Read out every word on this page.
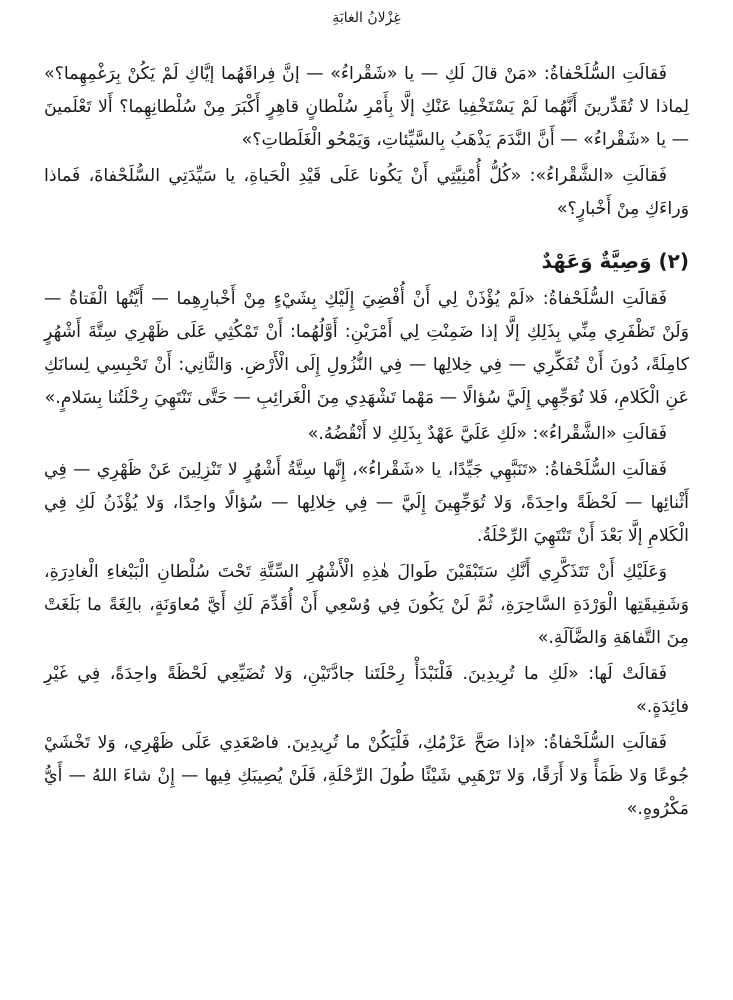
غِزْلانُ الغابَةِ

فَقالَتِ السُّلَحْفاةُ: «مَنْ قالَ لَكِ — يا «شَقْراءُ» — إنَّ فِراقَهُما إيَّاكِ لَمْ يَكُنْ بِرَغْمِهِما؟» لِماذا لا تُقَدِّرينَ أَنَّهُما لَمْ يَسْتَخْفِيا عَنْكِ إلَّا بِأَمْرِ سُلْطانٍ قاهِرٍ أَكْبَرَ مِنْ سُلْطانِهِما؟ أَلا تَعْلَمينَ — يا «شَقْراءُ» — أَنَّ النَّدَمَ يَذْهَبُ بِالسَّيِّئاتِ، وَيَمْحُو الْغَلَطاتِ؟»

فَقالَتِ «الشَّقْراءُ»: «كُلُّ أُمْنِيَّتِي أَنْ يَكُونا عَلَى قَيْدِ الْحَياةِ، يا سَيِّدَتِي السُّلَحْفاةَ، فَماذا وَراءَكِ مِنْ أَخْبارٍ؟»

(٢) وَصِيَّةٌ وَعَهْدٌ

فَقالَتِ السُّلَحْفاةُ: «لَمْ يُؤْذَنْ لِي أَنْ أُفْضِيَ إِلَيْكِ بِشَيْءٍ مِنْ أَخْبارِهِما — أَيَّتُها الْفَتاةُ — وَلَنْ تَظْفَرِي مِنِّي بِذَلِكِ إلَّا إذا ضَمِنْتِ لِي أَمْرَيْنِ: أَوَّلُهُما: أَنْ تَمْكُثِي عَلَى ظَهْرِي سِتَّةَ أَشْهُرٍ كامِلَةً، دُونَ أَنْ تُفَكِّرِي — فِي خِلالِها — فِي النُّزُولِ إِلَى الْأَرْضِ. وَالثَّانِي: أَنْ تَحْبِسِي لِسانَكِ عَنِ الْكَلامِ، فَلا تُوَجِّهِي إِلَيَّ سُؤالًا — مَهْما تَشْهَدِي مِنَ الْغَرائِبِ — حَتَّى تَنْتَهِيَ رِحْلَتُنا بِسَلامٍ.»

فَقالَتِ «الشَّقْراءُ»: «لَكِ عَلَيَّ عَهْدٌ بِذَلِكِ لا أَنْقُضُهُ.»

فَقالَتِ السُّلَحْفاةُ: «تَنَبَّهِي جَيِّدًا، يا «شَقْراءُ»، إِنَّها سِتَّةُ أَشْهُرٍ لا تَنْزِلِينَ عَنْ ظَهْرِي — فِي أَثْنائِها — لَحْظَةً واحِدَةً، وَلا تُوَجِّهِينَ إِلَيَّ — فِي خِلالِها — سُؤالًا واحِدًا، وَلا يُؤْذَنُ لَكِ فِي الْكَلامِ إلَّا بَعْدَ أَنْ تَنْتَهِيَ الرِّحْلَةُ.

وَعَلَيْكِ أَنْ تَتَذَكَّرِي أَنَّكِ سَتَبْقَيْنَ طَوالَ هٰذِهِ الْأَشْهُرِ السِّتَّةِ تَحْتَ سُلْطانِ الْبَبْغاءِ الْغادِرَةِ، وَشَقِيقَتِها الْوَرْدَةِ السَّاحِرَةِ، ثُمَّ لَنْ يَكُونَ فِي وُسْعِي أَنْ أُقَدِّمَ لَكِ أَيَّ مُعاوَنَةٍ، بالِغَةً ما بَلَغَتْ مِنَ التَّفاهَةِ وَالضَّآلَةِ.»

فَقالَتْ لَها: «لَكِ ما تُرِيدِينَ. فَلْنَبْدَأْ رِحْلَتَنا جادَّتَيْنِ، وَلا تُضَيِّعِي لَحْظَةً واحِدَةً، فِي غَيْرِ فائِدَةٍ.»

فَقالَتِ السُّلَحْفاةُ: «إذا صَحَّ عَزْمُكِ، فَلْيَكُنْ ما تُرِيدِينَ. فاصْعَدِي عَلَى ظَهْرِي، وَلا تَخْشَيْ جُوعًا وَلا ظَمَأً وَلا أَرَقًا، وَلا تَرْهَبِي شَيْئًا طُولَ الرِّحْلَةِ، فَلَنْ يُصِيبَكِ فِيها — إِنْ شاءَ اللهُ — أَيُّ مَكْرُوهٍ.»
